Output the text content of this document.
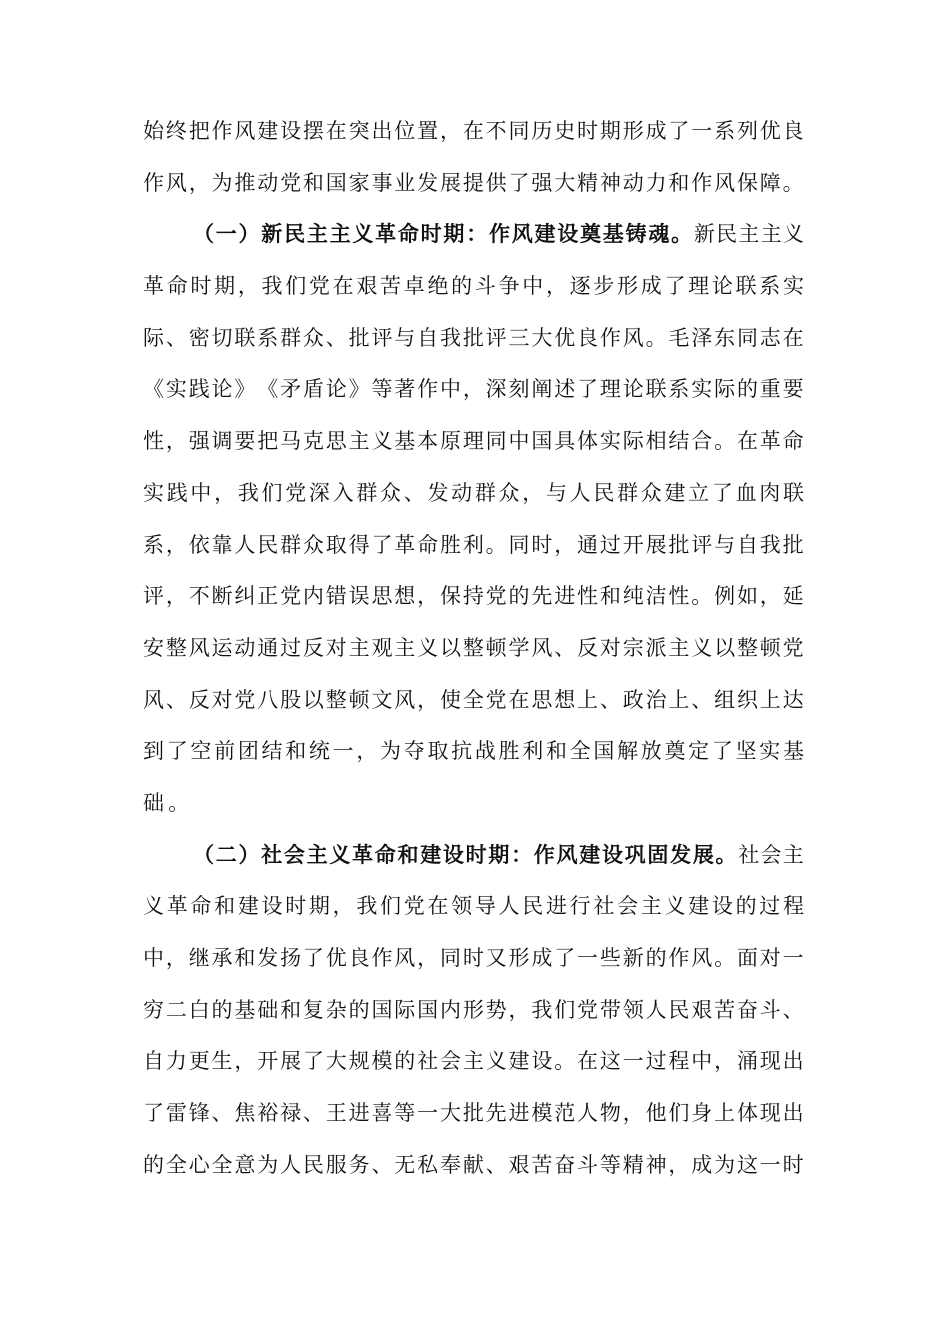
始 终 把 作 风 建 设 摆 在 突 出 位 置 ， 在 不 同 历 史 时 期 形 成 了 一 系 列 优 良
作 风 ， 为 推 动 党 和 国 家 事 业 发 展 提 供 了 强 大 精 神 动 力 和 作 风 保 障 。
（ 一 ） 新 民 主 主 义 革 命 时 期 ： 作 风 建 设 奠 基 铸 魂 。 新 民 主 主 义
革 命 时 期 ， 我 们 党 在 艰 苦 卓 绝 的 斗 争 中 ， 逐 步 形 成 了 理 论 联 系 实
际 、 密 切 联 系 群 众 、 批 评 与 自 我 批 评 三 大 优 良 作 风 。 毛 泽 东 同 志 在
《 实 践 论 》 《 矛 盾 论 》 等 著 作 中 ， 深 刻 阐 述 了 理 论 联 系 实 际 的 重 要
性 ， 强 调 要 把 马 克 思 主 义 基 本 原 理 同 中 国 具 体 实 际 相 结 合 。 在 革 命
实 践 中 ， 我 们 党 深 入 群 众 、 发 动 群 众 ， 与 人 民 群 众 建 立 了 血 肉 联
系 ， 依 靠 人 民 群 众 取 得 了 革 命 胜 利 。 同 时 ， 通 过 开 展 批 评 与 自 我 批
评 ， 不 断 纠 正 党 内 错 误 思 想 ， 保 持 党 的 先 进 性 和 纯 洁 性 。 例 如 ， 延
安 整 风 运 动 通 过 反 对 主 观 主 义 以 整 顿 学 风 、 反 对 宗 派 主 义 以 整 顿 党
风 、 反 对 党 八 股 以 整 顿 文 风 ， 使 全 党 在 思 想 上 、 政 治 上 、 组 织 上 达
到 了 空 前 团 结 和 统 一 ， 为 夺 取 抗 战 胜 利 和 全 国 解 放 奠 定 了 坚 实 基
础。
（ 二 ） 社 会 主 义 革 命 和 建 设 时 期 ： 作 风 建 设 巩 固 发 展 。 社 会 主
义 革 命 和 建 设 时 期 ， 我 们 党 在 领 导 人 民 进 行 社 会 主 义 建 设 的 过 程
中 ， 继 承 和 发 扬 了 优 良 作 风 ， 同 时 又 形 成 了 一 些 新 的 作 风 。 面 对 一
穷 二 白 的 基 础 和 复 杂 的 国 际 国 内 形 势 ， 我 们 党 带 领 人 民 艰 苦 奋 斗 、
自 力 更 生 ， 开 展 了 大 规 模 的 社 会 主 义 建 设 。 在 这 一 过 程 中 ， 涌 现 出
了 雷 锋 、 焦 裕 禄 、 王 进 喜 等 一 大 批 先 进 模 范 人 物 ， 他 们 身 上 体 现 出
的 全 心 全 意 为 人 民 服 务 、 无 私 奉 献 、 艰 苦 奋 斗 等 精 神 ， 成 为 这 一 时
